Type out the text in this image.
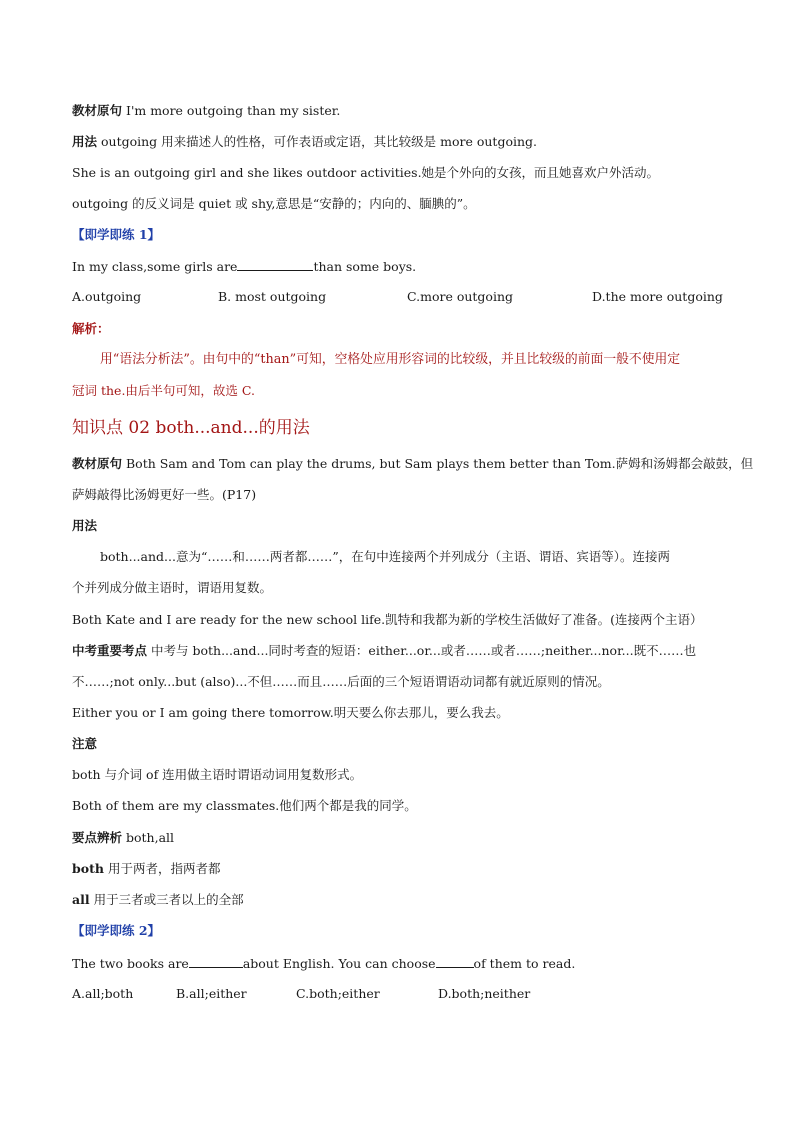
教材原句 I'm more outgoing than my sister.
用法 outgoing 用来描述人的性格，可作表语或定语，其比较级是 more outgoing.
She is an outgoing girl and she likes outdoor activities.她是个外向的女孩，而且她喜欢户外活动。
outgoing 的反义词是 quiet 或 shy,意思是“安静的；内向的、腼腆的”。
【即学即练 1】
In my class,some girls are	than some boys.
A.outgoing	B. most outgoing	C.more outgoing	D.the more outgoing
解析：
用“语法分析法”。由句中的“than”可知，空格处应用形容词的比较级，并且比较级的前面一般不使用定
冠词 the.由后半句可知，故选 C.
知识点 02 both...and...的用法
教材原句 Both Sam and Tom can play the drums, but Sam plays them better than Tom.萨姆和汤姆都会敲鼓，但
萨姆敲得比汤姆更好一些。(P17)
用法
both...and...意为“……和……两者都……”，在句中连接两个并列成分（主语、谓语、宾语等）。连接两
个并列成分做主语时，谓语用复数。
Both Kate and I are ready for the new school life.凯特和我都为新的学校生活做好了准备。(连接两个主语）
中考重要考点 中考与 both...and...同时考查的短语：either...or...或者……或者……;neither...nor...既不……也
不……;not only...but (also)...不但……而且……后面的三个短语谓语动词都有就近原则的情况。
Either you or I am going there tomorrow.明天要么你去那儿，要么我去。
注意
both 与介词 of 连用做主语时谓语动词用复数形式。
Both of them are my classmates.他们两个都是我的同学。
要点辨析 both,all
both 用于两者，指两者都
all 用于三者或三者以上的全部
【即学即练 2】
The two books are	about English. You can choose	of them to read.
A.all;both	B.all;either	C.both;either	D.both;neither
